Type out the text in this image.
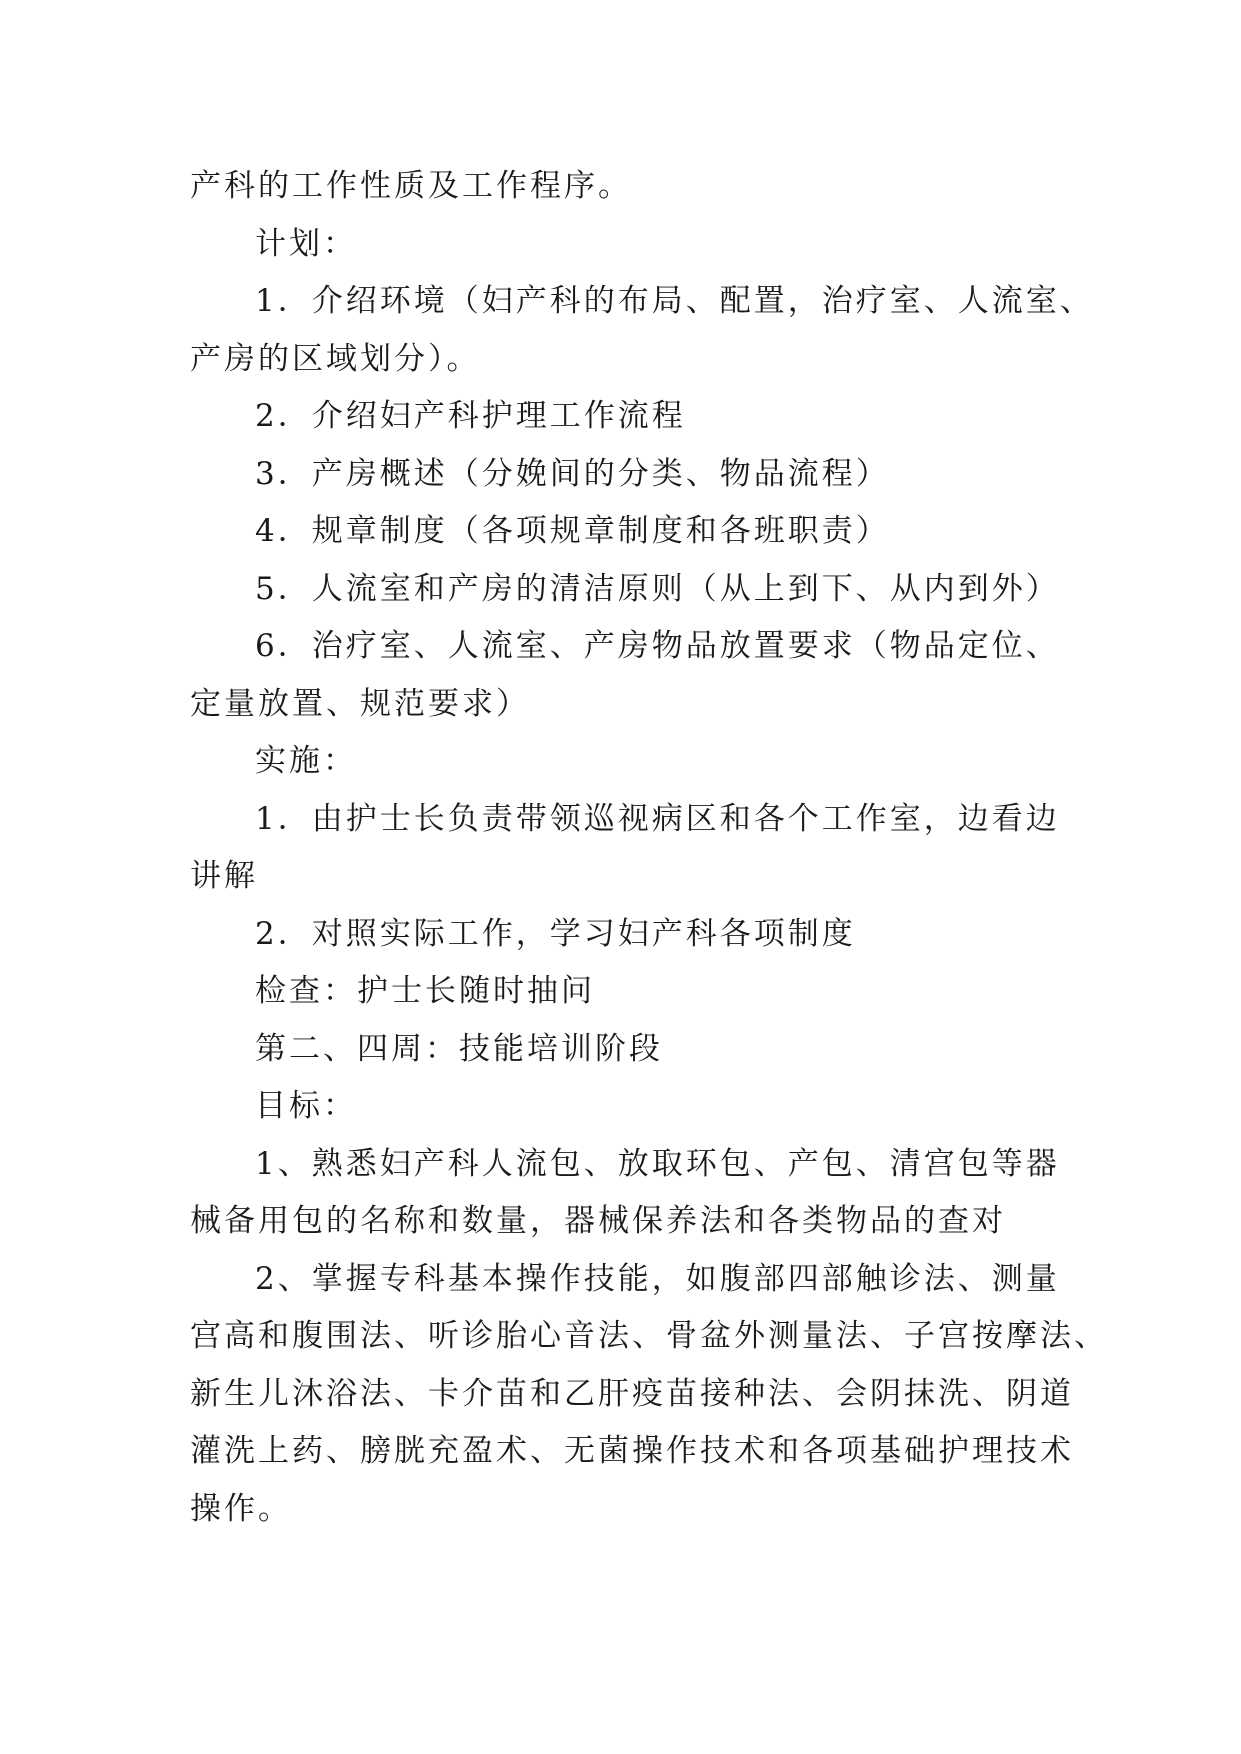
产科的工作性质及工作程序。
计划：
1．介绍环境（妇产科的布局、配置，治疗室、人流室、
产房的区域划分）。
2．介绍妇产科护理工作流程
3．产房概述（分娩间的分类、物品流程）
4．规章制度（各项规章制度和各班职责）
5．人流室和产房的清洁原则（从上到下、从内到外）
6．治疗室、人流室、产房物品放置要求（物品定位、
定量放置、规范要求）
实施：
1．由护士长负责带领巡视病区和各个工作室，边看边
讲解
2．对照实际工作，学习妇产科各项制度
检查：护士长随时抽问
第二、四周：技能培训阶段
目标：
1、熟悉妇产科人流包、放取环包、产包、清宫包等器
械备用包的名称和数量，器械保养法和各类物品的查对
2、掌握专科基本操作技能，如腹部四部触诊法、测量
宫高和腹围法、听诊胎心音法、骨盆外测量法、子宫按摩法、
新生儿沐浴法、卡介苗和乙肝疫苗接种法、会阴抹洗、阴道
灌洗上药、膀胱充盈术、无菌操作技术和各项基础护理技术
操作。
